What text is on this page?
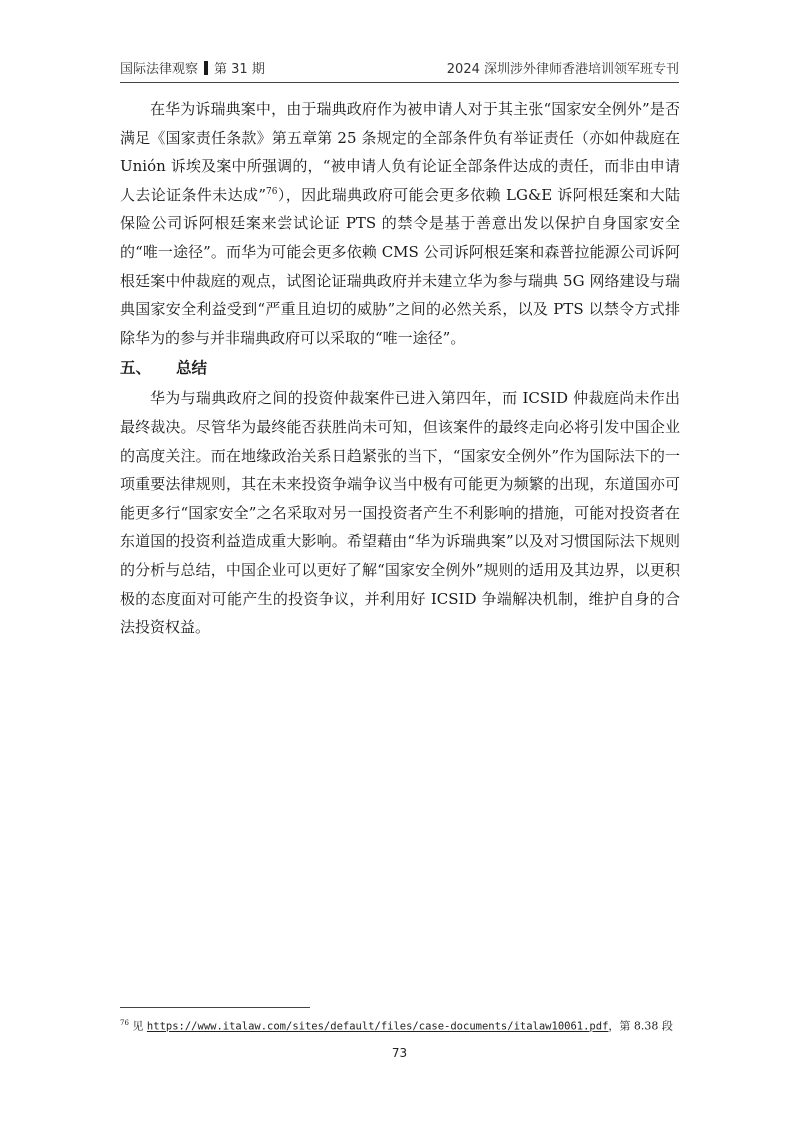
国际法律观察 第 31 期	2024 深圳涉外律师香港培训领军班专刊

在华为诉瑞典案中，由于瑞典政府作为被申请人对于其主张“国家安全例外”是否满足《国家责任条款》第五章第 25 条规定的全部条件负有举证责任（亦如仲裁庭在 Unión 诉埃及案中所强调的，“被申请人负有论证全部条件达成的责任，而非由申请人去论证条件未达成”$^{76}$），因此瑞典政府可能会更多依赖 LG&E 诉阿根廷案和大陆保险公司诉阿根廷案来尝试论证 PTS 的禁令是基于善意出发以保护自身国家安全的“唯一途径”。而华为可能会更多依赖 CMS 公司诉阿根廷案和森普拉能源公司诉阿根廷案中仲裁庭的观点，试图论证瑞典政府并未建立华为参与瑞典 5G 网络建设与瑞典国家安全利益受到“严重且迫切的威胁”之间的必然关系，以及 PTS 以禁令方式排除华为的参与并非瑞典政府可以采取的“唯一途径”。

五、 总结

华为与瑞典政府之间的投资仲裁案件已进入第四年，而 ICSID 仲裁庭尚未作出最终裁决。尽管华为最终能否获胜尚未可知，但该案件的最终走向必将引发中国企业的高度关注。而在地缘政治关系日趋紧张的当下，“国家安全例外”作为国际法下的一项重要法律规则，其在未来投资争端争议当中极有可能更为频繁的出现，东道国亦可能更多行“国家安全”之名采取对另一国投资者产生不利影响的措施，可能对投资者在东道国的投资利益造成重大影响。希望藉由“华为诉瑞典案”以及对习惯国际法下规则的分析与总结，中国企业可以更好了解“国家安全例外”规则的适用及其边界，以更积极的态度面对可能产生的投资争议，并利用好 ICSID 争端解决机制，维护自身的合法投资权益。

$^{76}$ 见 https://www.italaw.com/sites/default/files/case-documents/italaw10061.pdf，第 8.38 段
73
